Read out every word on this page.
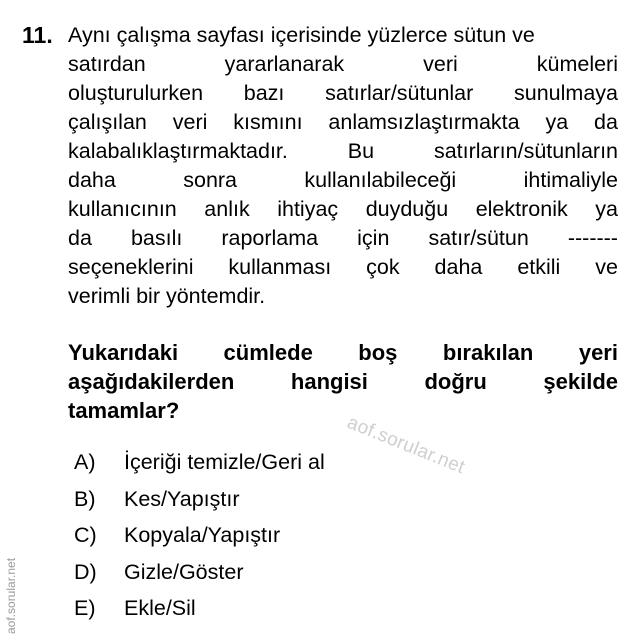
11. Aynı çalışma sayfası içerisinde yüzlerce sütun ve
satırdan	yararlanarak	veri	kümeleri
oluşturulurken bazı satırlar/sütunlar sunulmaya
çalışılan veri kısmını anlamsızlaştırmakta ya da
kalabalıklaştırmaktadır.	Bu	satırların/sütunların
daha	sonra	kullanılabileceği	ihtimaliyle
kullanıcının anlık ihtiyaç duyduğu elektronik ya
da basılı raporlama için satır/sütun -------
seçeneklerini kullanması çok daha etkili ve
verimli bir yöntemdir.
Yukarıdaki cümlede boş bırakılan yeri
aşağıdakilerden	hangisi	doğru	şekilde
tamamlar?
A) İçeriği temizle/Geri al
B) Kes/Yapıştır
C) Kopyala/Yapıştır
D) Gizle/Göster
E) Ekle/Sil
aof.sorular.net
aof.sorular.net
